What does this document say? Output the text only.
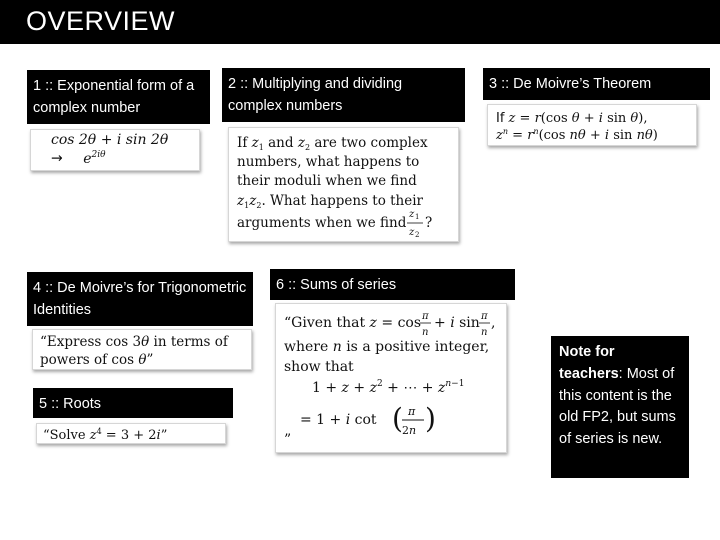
OVERVIEW
1 :: Exponential form of a complex number
cos 2θ + i sin 2θ
→ $e^{2i\theta}$
2 :: Multiplying and dividing complex numbers
If $z_1$ and $z_2$ are two complex
numbers, what happens to
their moduli when we find
$z_1z_2$. What happens to their
arguments when we find
z 1
z 2
?
3 :: De Moivre’s Theorem
If z = r(cos θ + i sin θ),
$z^n = r^n(\cos$ nθ + i sin nθ)
4 :: De Moivre’s for Trigonometric Identities
“Express cos 3θ in terms of
powers of cos θ”
5 :: Roots
“Solve $z^4 = 3 + 2i$”
6 :: Sums of series
“Given that z = cos π
n
+ i sin π
n
,
where n is a positive integer,
show that
$1 + z + z^2$ + ⋯ + $z^n-1$
= 1 + i cot ( π
2n )
”
Note for teachers: Most of this content is the old FP2, but sums of series is new.
